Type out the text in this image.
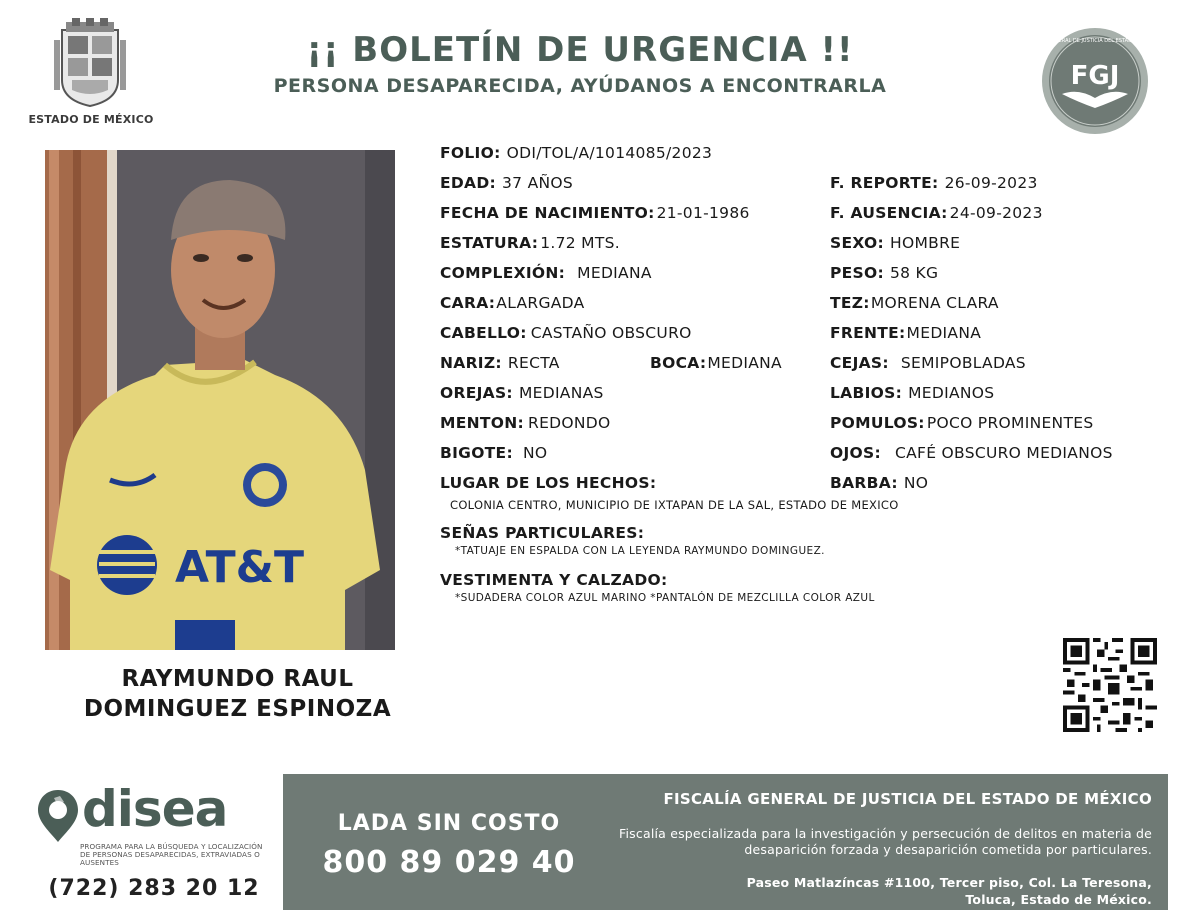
ESTADO DE MÉXICO
¡¡ BOLETÍN DE URGENCIA !!
PERSONA DESAPARECIDA, AYÚDANOS A ENCONTRARLA	FGJ
FISCALÍA GENERAL DE JUSTICIA DEL ESTADO DE MÉXICO
AT&T
RAYMUNDO RAUL
DOMINGUEZ ESPINOZA
FOLIO: ODI/TOL/A/1014085/2023
EDAD: 37 AÑOS	F. REPORTE: 26-09-2023
FECHA DE NACIMIENTO: 21-01-1986	F. AUSENCIA: 24-09-2023
ESTATURA: 1.72 MTS.	SEXO: HOMBRE
COMPLEXIÓN: MEDIANA	PESO: 58 KG
CARA:ALARGADA	TEZ:MORENA CLARA
CABELLO: CASTAÑO OBSCURO	FRENTE:MEDIANA
NARIZ: RECTA	BOCA:MEDIANA	CEJAS: SEMIPOBLADAS
OREJAS: MEDIANAS	LABIOS: MEDIANOS
MENTON: REDONDO	POMULOS: POCO PROMINENTES
BIGOTE: NO	OJOS: CAFÉ OBSCURO MEDIANOS
LUGAR DE LOS HECHOS:	BARBA: NO
COLONIA CENTRO, MUNICIPIO DE IXTAPAN DE LA SAL, ESTADO DE MEXICO
SEÑAS PARTICULARES:
*TATUAJE EN ESPALDA CON LA LEYENDA RAYMUNDO DOMINGUEZ.
VESTIMENTA Y CALZADO:
*SUDADERA COLOR AZUL MARINO *PANTALÓN DE MEZCLILLA COLOR AZUL
disea
PROGRAMA PARA LA BÚSQUEDA Y LOCALIZACIÓN DE PERSONAS DESAPARECIDAS, EXTRAVIADAS O AUSENTES
(722) 283 20 12
LADA SIN COSTO
800 89 029 40
FISCALÍA GENERAL DE JUSTICIA DEL ESTADO DE MÉXICO
Fiscalía especializada para la investigación y persecución de delitos en materia de desaparición forzada y desaparición cometida por particulares.
Paseo Matlazíncas #1100, Tercer piso, Col. La Teresona,
Toluca, Estado de México.
